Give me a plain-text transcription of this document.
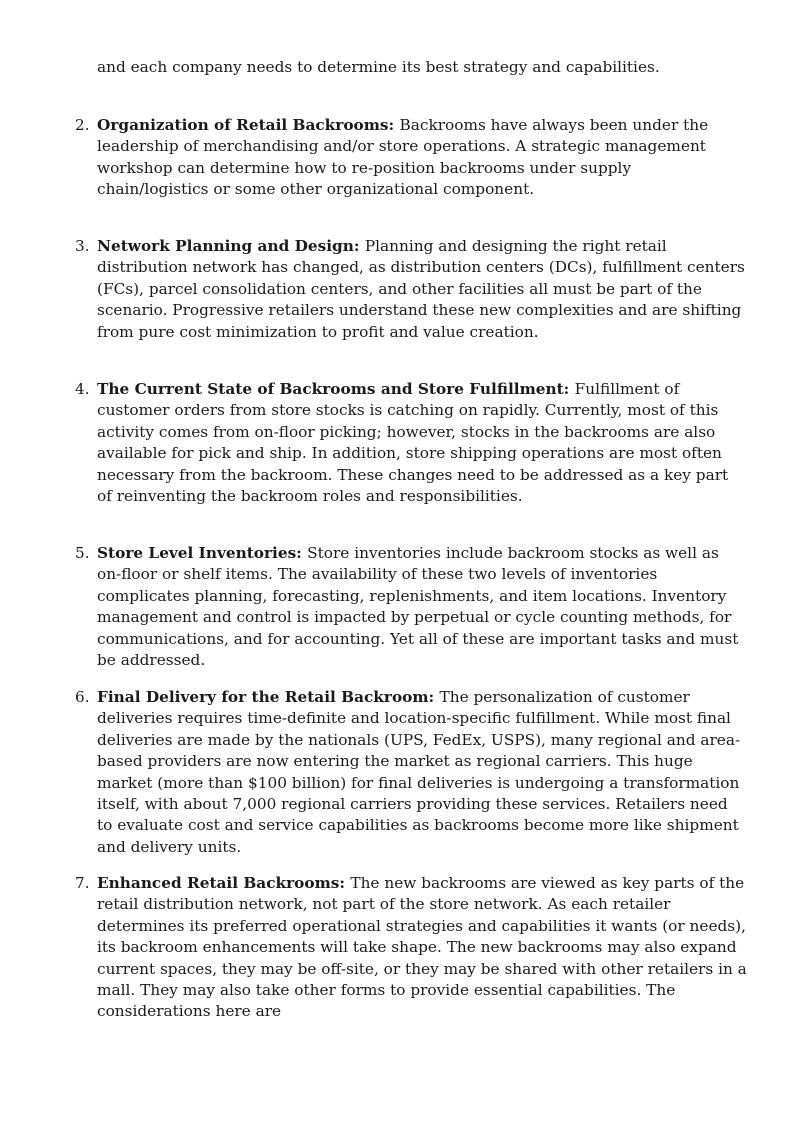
and each company needs to determine its best strategy and capabilities.

2. Organization of Retail Backrooms: Backrooms have always been under the leadership of merchandising and/or store operations. A strategic management workshop can determine how to re-position backrooms under supply chain/logistics or some other organizational component.
3. Network Planning and Design: Planning and designing the right retail distribution network has changed, as distribution centers (DCs), fulfillment centers (FCs), parcel consolidation centers, and other facilities all must be part of the scenario. Progressive retailers understand these new complexities and are shifting from pure cost minimization to profit and value creation.
4. The Current State of Backrooms and Store Fulfillment: Fulfillment of customer orders from store stocks is catching on rapidly. Currently, most of this activity comes from on-floor picking; however, stocks in the backrooms are also available for pick and ship. In addition, store shipping operations are most often necessary from the backroom. These changes need to be addressed as a key part of reinventing the backroom roles and responsibilities.
5. Store Level Inventories: Store inventories include backroom stocks as well as on-floor or shelf items. The availability of these two levels of inventories complicates planning, forecasting, replenishments, and item locations. Inventory management and control is impacted by perpetual or cycle counting methods, for communications, and for accounting. Yet all of these are important tasks and must be addressed.
6. Final Delivery for the Retail Backroom: The personalization of customer deliveries requires time-definite and location-specific fulfillment. While most final deliveries are made by the nationals (UPS, FedEx, USPS), many regional and area- based providers are now entering the market as regional carriers. This huge market (more than $100 billion) for final deliveries is undergoing a transformation itself, with about 7,000 regional carriers providing these services. Retailers need to evaluate cost and service capabilities as backrooms become more like shipment and delivery units.
7. Enhanced Retail Backrooms: The new backrooms are viewed as key parts of the retail distribution network, not part of the store network. As each retailer determines its preferred operational strategies and capabilities it wants (or needs), its backroom enhancements will take shape. The new backrooms may also expand current spaces, they may be off-site, or they may be shared with other retailers in a mall. They may also take other forms to provide essential capabilities. The considerations here are
